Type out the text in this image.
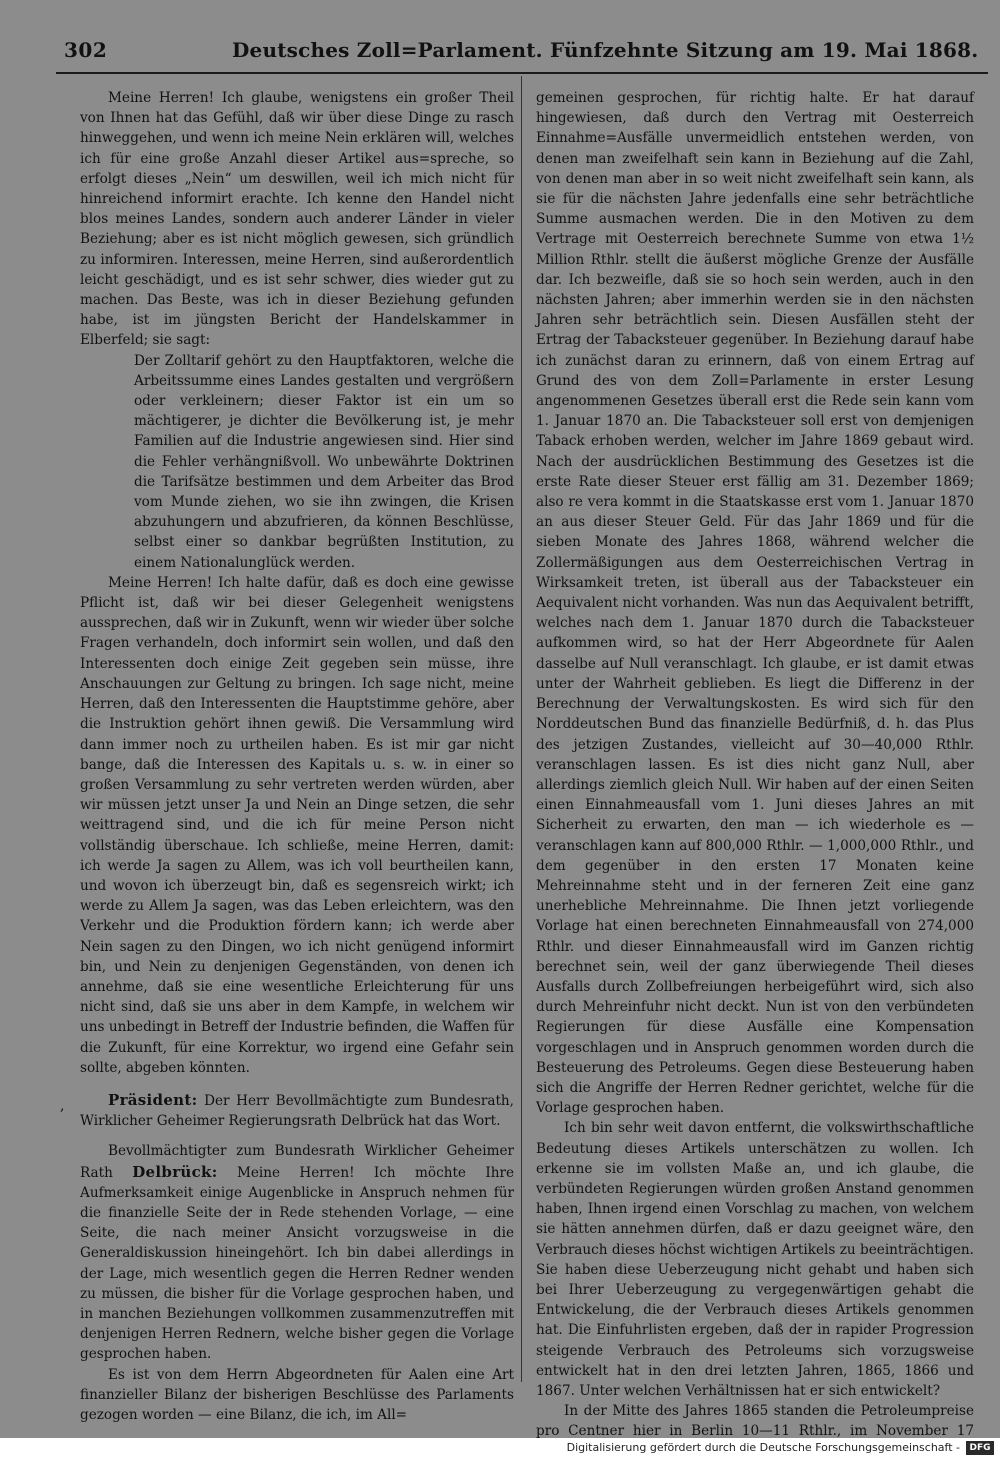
302	Deutsches Zoll=Parlament. Fünfzehnte Sitzung am 19. Mai 1868.

Meine Herren! Ich glaube, wenigstens ein großer Theil von Ihnen hat das Gefühl, daß wir über diese Dinge zu rasch hinweggehen, und wenn ich meine Nein erklären will, welches ich für eine große Anzahl dieser Artikel aus=spreche, so erfolgt dieses „Nein“ um deswillen, weil ich mich nicht für hinreichend informirt erachte. Ich kenne den Handel nicht blos meines Landes, sondern auch anderer Länder in vieler Beziehung; aber es ist nicht möglich gewesen, sich gründlich zu informiren. Interessen, meine Herren, sind außerordentlich leicht geschädigt, und es ist sehr schwer, dies wieder gut zu machen. Das Beste, was ich in dieser Beziehung gefunden habe, ist im jüngsten Bericht der Handelskammer in Elberfeld; sie sagt:

Der Zolltarif gehört zu den Hauptfaktoren, welche die Arbeitssumme eines Landes gestalten und vergrößern oder verkleinern; dieser Faktor ist ein um so mächtigerer, je dichter die Bevölkerung ist, je mehr Familien auf die Industrie angewiesen sind. Hier sind die Fehler verhängnißvoll. Wo unbewährte Doktrinen die Tarifsätze bestimmen und dem Arbeiter das Brod vom Munde ziehen, wo sie ihn zwingen, die Krisen abzuhungern und abzufrieren, da können Beschlüsse, selbst einer so dankbar begrüßten Institution, zu einem Nationalunglück werden.

Meine Herren! Ich halte dafür, daß es doch eine gewisse Pflicht ist, daß wir bei dieser Gelegenheit wenigstens aussprechen, daß wir in Zukunft, wenn wir wieder über solche Fragen verhandeln, doch informirt sein wollen, und daß den Interessenten doch einige Zeit gegeben sein müsse, ihre Anschauungen zur Geltung zu bringen. Ich sage nicht, meine Herren, daß den Interessenten die Hauptstimme gehöre, aber die Instruktion gehört ihnen gewiß. Die Versammlung wird dann immer noch zu urtheilen haben. Es ist mir gar nicht bange, daß die Interessen des Kapitals u. s. w. in einer so großen Versammlung zu sehr vertreten werden würden, aber wir müssen jetzt unser Ja und Nein an Dinge setzen, die sehr weittragend sind, und die ich für meine Person nicht vollständig überschaue. Ich schließe, meine Herren, damit: ich werde Ja sagen zu Allem, was ich voll beurtheilen kann, und wovon ich überzeugt bin, daß es segensreich wirkt; ich werde zu Allem Ja sagen, was das Leben erleichtern, was den Verkehr und die Produktion fördern kann; ich werde aber Nein sagen zu den Dingen, wo ich nicht genügend informirt bin, und Nein zu denjenigen Gegenständen, von denen ich annehme, daß sie eine wesentliche Erleichterung für uns nicht sind, daß sie uns aber in dem Kampfe, in welchem wir uns unbedingt in Betreff der Industrie befinden, die Waffen für die Zukunft, für eine Korrektur, wo irgend eine Gefahr sein sollte, abgeben könnten.

Präsident: Der Herr Bevollmächtigte zum Bundesrath, Wirklicher Geheimer Regierungsrath Delbrück hat das Wort.

Bevollmächtigter zum Bundesrath Wirklicher Geheimer Rath Delbrück: Meine Herren! Ich möchte Ihre Aufmerksamkeit einige Augenblicke in Anspruch nehmen für die finanzielle Seite der in Rede stehenden Vorlage, — eine Seite, die nach meiner Ansicht vorzugsweise in die Generaldiskussion hineingehört. Ich bin dabei allerdings in der Lage, mich wesentlich gegen die Herren Redner wenden zu müssen, die bisher für die Vorlage gesprochen haben, und in manchen Beziehungen vollkommen zusammenzutreffen mit denjenigen Herren Rednern, welche bisher gegen die Vorlage gesprochen haben.

Es ist von dem Herrn Abgeordneten für Aalen eine Art finanzieller Bilanz der bisherigen Beschlüsse des Parlaments gezogen worden — eine Bilanz, die ich, im All=

,

gemeinen gesprochen, für richtig halte. Er hat darauf hingewiesen, daß durch den Vertrag mit Oesterreich Einnahme=Ausfälle unvermeidlich entstehen werden, von denen man zweifelhaft sein kann in Beziehung auf die Zahl, von denen man aber in so weit nicht zweifelhaft sein kann, als sie für die nächsten Jahre jedenfalls eine sehr beträchtliche Summe ausmachen werden. Die in den Motiven zu dem Vertrage mit Oesterreich berechnete Summe von etwa 1½ Million Rthlr. stellt die äußerst mögliche Grenze der Ausfälle dar. Ich bezweifle, daß sie so hoch sein werden, auch in den nächsten Jahren; aber immerhin werden sie in den nächsten Jahren sehr beträchtlich sein. Diesen Ausfällen steht der Ertrag der Tabacksteuer gegenüber. In Beziehung darauf habe ich zunächst daran zu erinnern, daß von einem Ertrag auf Grund des von dem Zoll=Parlamente in erster Lesung angenommenen Gesetzes überall erst die Rede sein kann vom 1. Januar 1870 an. Die Tabacksteuer soll erst von demjenigen Taback erhoben werden, welcher im Jahre 1869 gebaut wird. Nach der ausdrücklichen Bestimmung des Gesetzes ist die erste Rate dieser Steuer erst fällig am 31. Dezember 1869; also re vera kommt in die Staatskasse erst vom 1. Januar 1870 an aus dieser Steuer Geld. Für das Jahr 1869 und für die sieben Monate des Jahres 1868, während welcher die Zollermäßigungen aus dem Oesterreichischen Vertrag in Wirksamkeit treten, ist überall aus der Tabacksteuer ein Aequivalent nicht vorhanden. Was nun das Aequivalent betrifft, welches nach dem 1. Januar 1870 durch die Tabacksteuer aufkommen wird, so hat der Herr Abgeordnete für Aalen dasselbe auf Null veranschlagt. Ich glaube, er ist damit etwas unter der Wahrheit geblieben. Es liegt die Differenz in der Berechnung der Verwaltungskosten. Es wird sich für den Norddeutschen Bund das finanzielle Bedürfniß, d. h. das Plus des jetzigen Zustandes, vielleicht auf 30—40,000 Rthlr. veranschlagen lassen. Es ist dies nicht ganz Null, aber allerdings ziemlich gleich Null. Wir haben auf der einen Seiten einen Einnahmeausfall vom 1. Juni dieses Jahres an mit Sicherheit zu erwarten, den man — ich wiederhole es — veranschlagen kann auf 800,000 Rthlr. — 1,000,000 Rthlr., und dem gegenüber in den ersten 17 Monaten keine Mehreinnahme steht und in der ferneren Zeit eine ganz unerhebliche Mehreinnahme. Die Ihnen jetzt vorliegende Vorlage hat einen berechneten Einnahmeausfall von 274,000 Rthlr. und dieser Einnahmeausfall wird im Ganzen richtig berechnet sein, weil der ganz überwiegende Theil dieses Ausfalls durch Zollbefreiungen herbeigeführt wird, sich also durch Mehreinfuhr nicht deckt. Nun ist von den verbündeten Regierungen für diese Ausfälle eine Kompensation vorgeschlagen und in Anspruch genommen worden durch die Besteuerung des Petroleums. Gegen diese Besteuerung haben sich die Angriffe der Herren Redner gerichtet, welche für die Vorlage gesprochen haben.

Ich bin sehr weit davon entfernt, die volkswirthschaftliche Bedeutung dieses Artikels unterschätzen zu wollen. Ich erkenne sie im vollsten Maße an, und ich glaube, die verbündeten Regierungen würden großen Anstand genommen haben, Ihnen irgend einen Vorschlag zu machen, von welchem sie hätten annehmen dürfen, daß er dazu geeignet wäre, den Verbrauch dieses höchst wichtigen Artikels zu beeinträchtigen. Sie haben diese Ueberzeugung nicht gehabt und haben sich bei Ihrer Ueberzeugung zu vergegenwärtigen gehabt die Entwickelung, die der Verbrauch dieses Artikels genommen hat. Die Einfuhrlisten ergeben, daß der in rapider Progression steigende Verbrauch des Petroleums sich vorzugsweise entwickelt hat in den drei letzten Jahren, 1865, 1866 und 1867. Unter welchen Verhältnissen hat er sich entwickelt?

In der Mitte des Jahres 1865 standen die Petroleumpreise pro Centner hier in Berlin 10—11 Rthlr., im November 17

Digitalisierung gefördert durch die Deutsche Forschungsgemeinschaft -	DFG
